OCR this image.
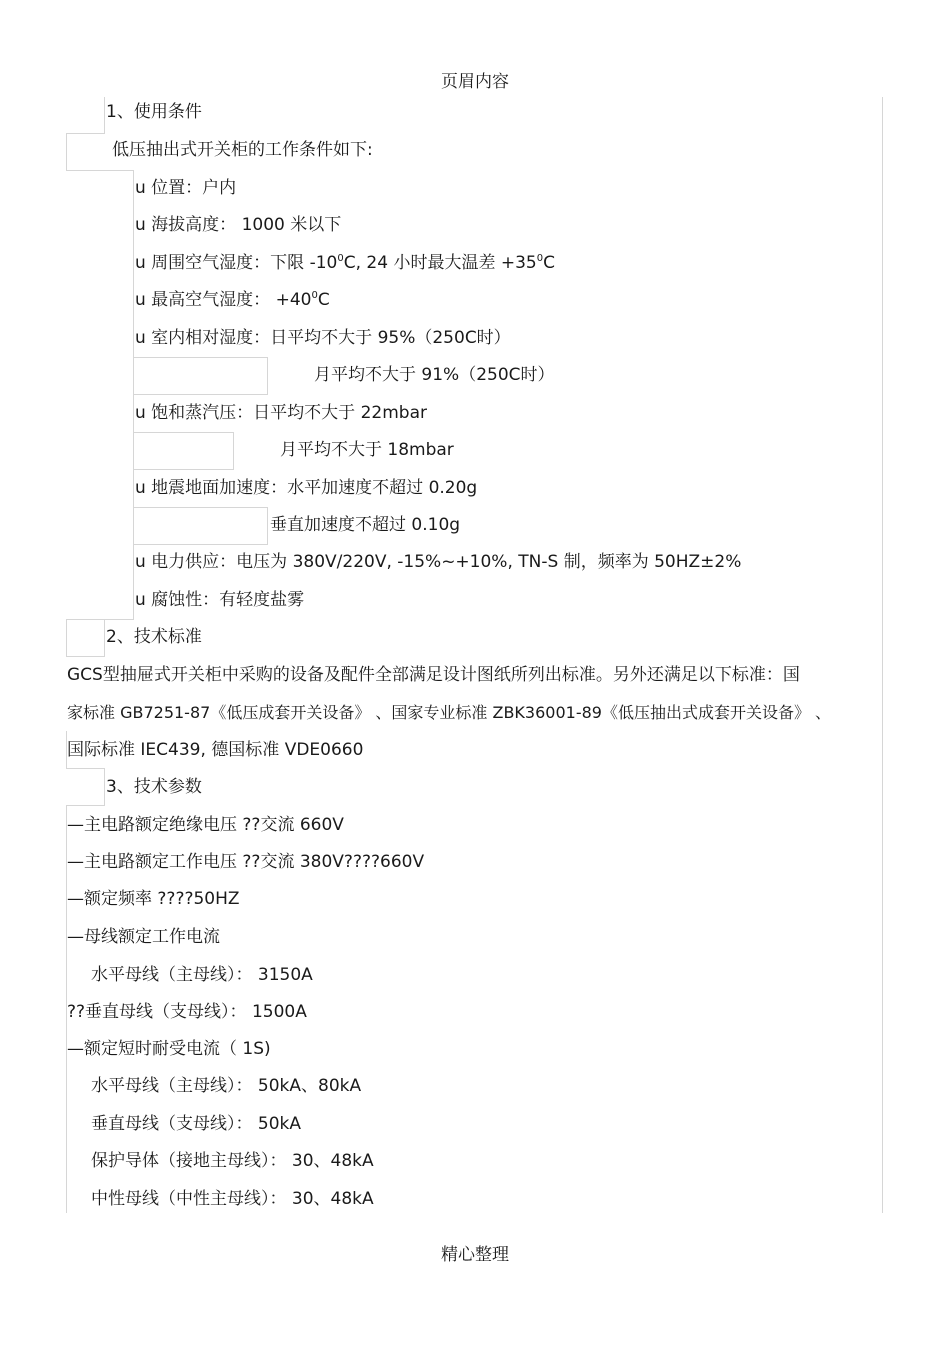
页眉内容
1、使用条件
低压抽出式开关柜的工作条件如下:
u 位置：户内
u 海拔高度： 1000 米以下
u 周围空气湿度：下限 $-10^0C$, 24 小时最大温差 $+35^0C$
u 最高空气湿度： $+40^0C$
u 室内相对湿度：日平均不大于 95%（250C时）
月平均不大于 91%（250C时）
u 饱和蒸汽压：日平均不大于 22mbar
月平均不大于 18mbar
u 地震地面加速度：水平加速度不超过 0.20g
垂直加速度不超过 0.10g
u 电力供应：电压为 380V/220V, -15%~+10%, TN-S 制，频率为 50HZ±2%
u 腐蚀性：有轻度盐雾
2、技术标准
GCS型抽屉式开关柜中采购的设备及配件全部满足设计图纸所列出标准。另外还满足以下标准：国
家标准 GB7251-87《低压成套开关设备》 、国家专业标准 ZBK36001-89《低压抽出式成套开关设备》 、
国际标准 IEC439, 德国标准 VDE0660
3、技术参数
—主电路额定绝缘电压 ??交流 660V
—主电路额定工作电压 ??交流 380V????660V
—额定频率 ????50HZ
—母线额定工作电流
水平母线（主母线）： 3150A
??垂直母线（支母线）： 1500A
—额定短时耐受电流（ 1S)
水平母线（主母线）： 50kA、80kA
垂直母线（支母线）： 50kA
保护导体（接地主母线）： 30、48kA
中性母线（中性主母线）： 30、48kA
精心整理
